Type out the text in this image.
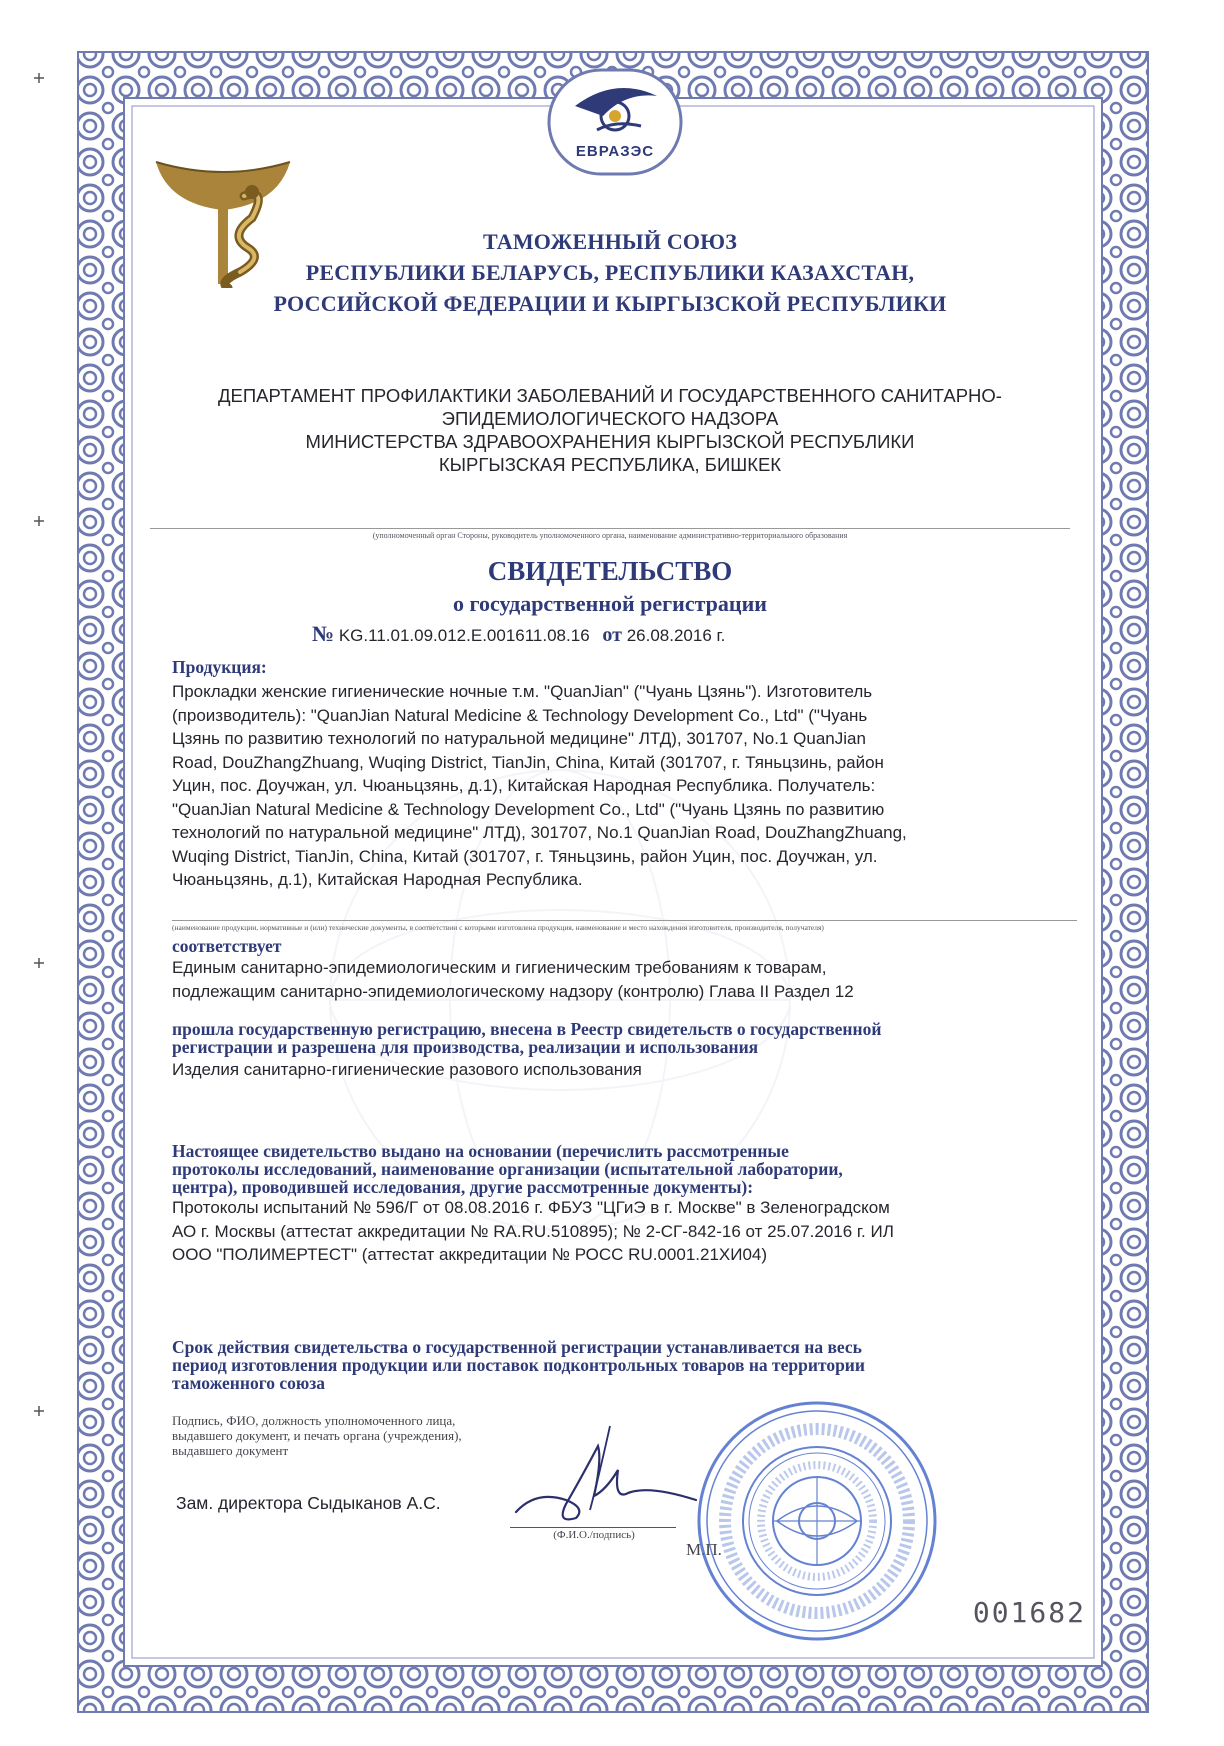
ЕВРАЗЭС
ТАМОЖЕННЫЙ СОЮЗ
РЕСПУБЛИКИ БЕЛАРУСЬ, РЕСПУБЛИКИ КАЗАХСТАН,
РОССИЙСКОЙ ФЕДЕРАЦИИ И КЫРГЫЗСКОЙ РЕСПУБЛИКИ
ДЕПАРТАМЕНТ ПРОФИЛАКТИКИ ЗАБОЛЕВАНИЙ И ГОСУДАРСТВЕННОГО САНИТАРНО-
ЭПИДЕМИОЛОГИЧЕСКОГО НАДЗОРА
МИНИСТЕРСТВА ЗДРАВООХРАНЕНИЯ КЫРГЫЗСКОЙ РЕСПУБЛИКИ
КЫРГЫЗСКАЯ РЕСПУБЛИКА, БИШКЕК
(уполномоченный орган Стороны, руководитель уполномоченного органа, наименование административно-территориального образования
СВИДЕТЕЛЬСТВО
о государственной регистрации
№ KG.11.01.09.012.E.001611.08.16 от 26.08.2016 г.
Продукция:
Прокладки женские гигиенические ночные т.м. "QuanJian" ("Чуань Цзянь"). Изготовитель
(производитель): "QuanJian Natural Medicine & Technology Development Co., Ltd" ("Чуань
Цзянь по развитию технологий по натуральной медицине" ЛТД), 301707, No.1 QuanJian
Road, DouZhangZhuang, Wuqing District, TianJin, China, Китай (301707, г. Тяньцзинь, район
Уцин, пос. Доучжан, ул. Чюаньцзянь, д.1), Китайская Народная Республика. Получатель:
"QuanJian Natural Medicine & Technology Development Co., Ltd" ("Чуань Цзянь по развитию
технологий по натуральной медицине" ЛТД), 301707, No.1 QuanJian Road, DouZhangZhuang,
Wuqing District, TianJin, China, Китай (301707, г. Тяньцзинь, район Уцин, пос. Доучжан, ул.
Чюаньцзянь, д.1), Китайская Народная Республика.
(наименование продукции, нормативные и (или) технические документы, в соответствии с которыми изготовлена продукция, наименование и место нахождения изготовителя, производителя, получателя)
соответствует
Единым санитарно-эпидемиологическим и гигиеническим требованиям к товарам,
подлежащим санитарно-эпидемиологическому надзору (контролю) Глава II Раздел 12
прошла государственную регистрацию, внесена в Реестр свидетельств о государственной
регистрации и разрешена для производства, реализации и использования
Изделия санитарно-гигиенические разового использования
Настоящее свидетельство выдано на основании (перечислить рассмотренные
протоколы исследований, наименование организации (испытательной лаборатории,
центра), проводившей исследования, другие рассмотренные документы):
Протоколы испытаний № 596/Г от 08.08.2016 г. ФБУЗ "ЦГиЭ в г. Москве" в Зеленоградском
АО г. Москвы (аттестат аккредитации № RA.RU.510895); № 2-СГ-842-16 от 25.07.2016 г. ИЛ
ООО "ПОЛИМЕРТЕСТ" (аттестат аккредитации № РОСС RU.0001.21ХИ04)
Срок действия свидетельства о государственной регистрации устанавливается на весь
период изготовления продукции или поставок подконтрольных товаров на территории
таможенного союза
Подпись, ФИО, должность уполномоченного лица,
выдавшего документ, и печать органа (учреждения),
выдавшего документ
Зам. директора Сыдыканов А.С.
(Ф.И.О./подпись)
М.П.
001682
